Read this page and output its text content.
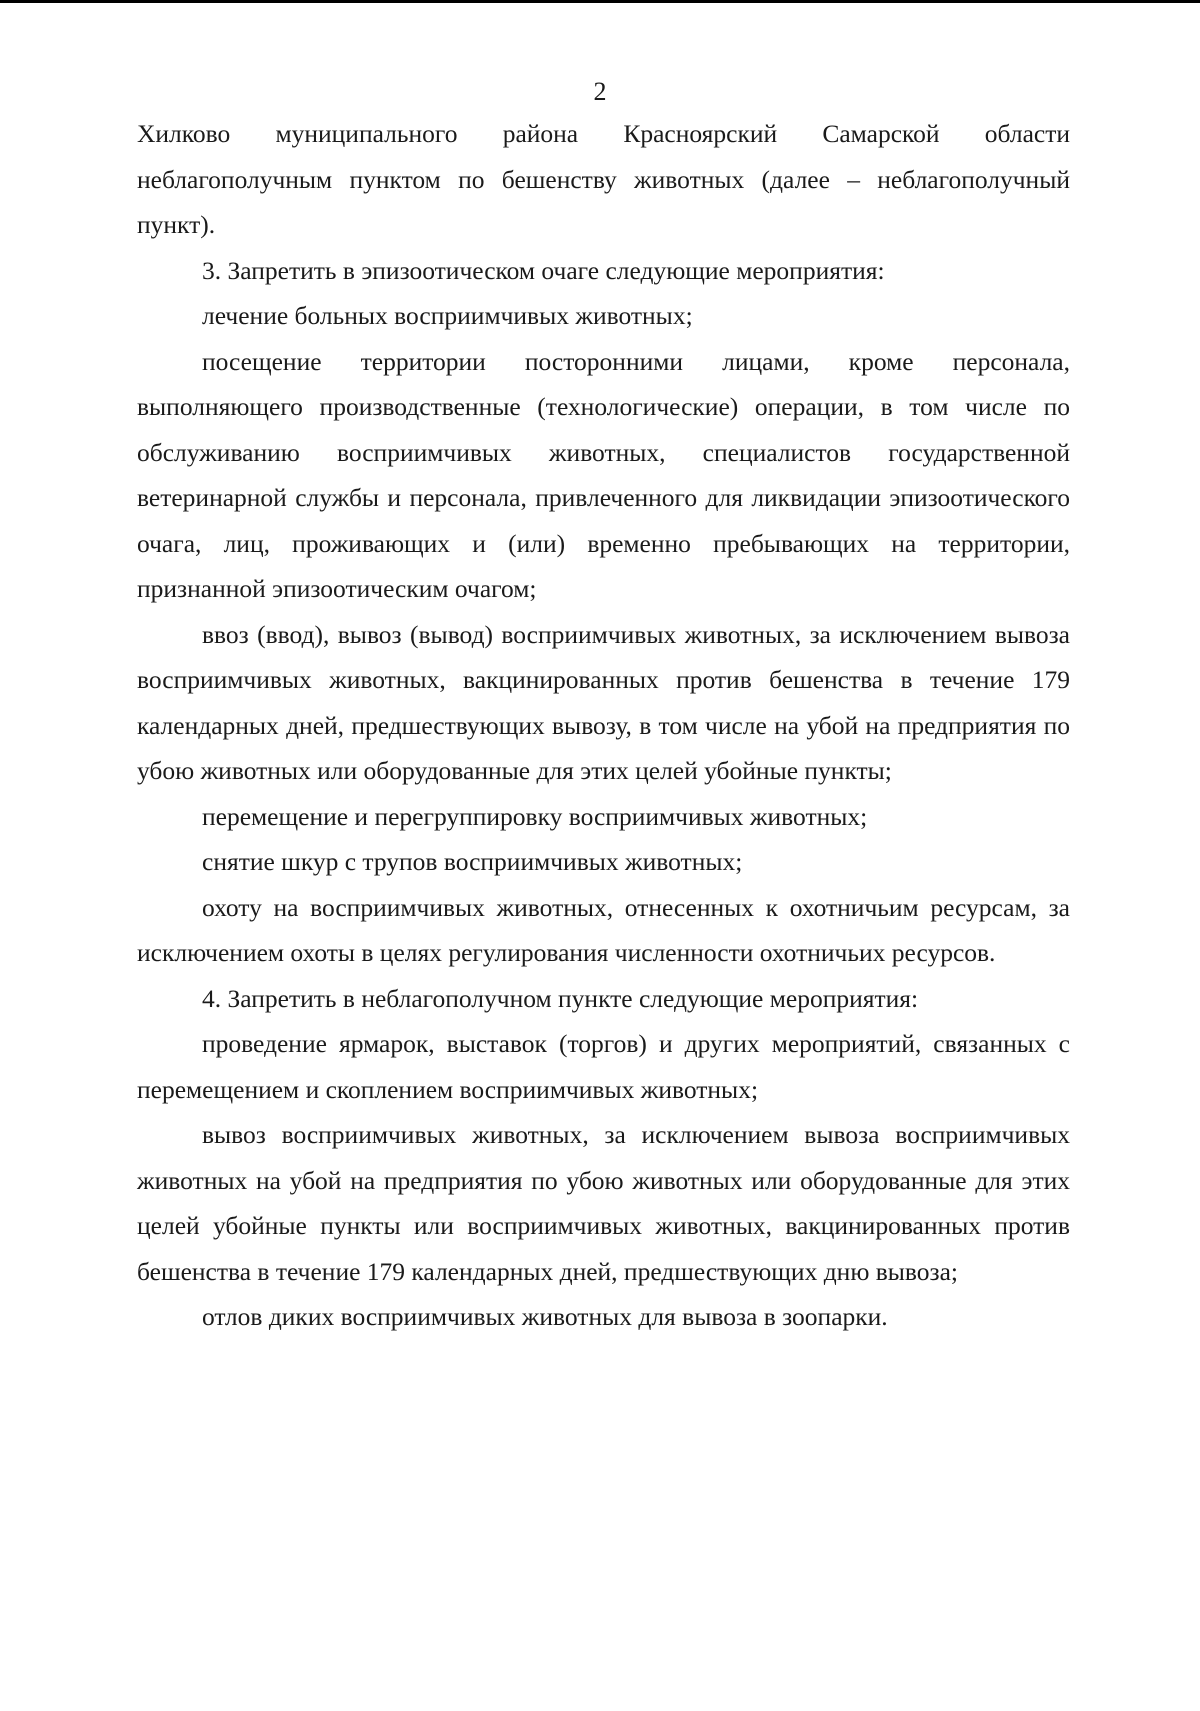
2

Хилково муниципального района Красноярский Самарской области неблагополучным пунктом по бешенству животных (далее – неблагополучный пункт).

3. Запретить в эпизоотическом очаге следующие мероприятия:

лечение больных восприимчивых животных;

посещение территории посторонними лицами, кроме персонала, выполняющего производственные (технологические) операции, в том числе по обслуживанию восприимчивых животных, специалистов государственной ветеринарной службы и персонала, привлеченного для ликвидации эпизоотического очага, лиц, проживающих и (или) временно пребывающих на территории, признанной эпизоотическим очагом;

ввоз (ввод), вывоз (вывод) восприимчивых животных, за исключением вывоза восприимчивых животных, вакцинированных против бешенства в течение 179 календарных дней, предшествующих вывозу, в том числе на убой на предприятия по убою животных или оборудованные для этих целей убойные пункты;

перемещение и перегруппировку восприимчивых животных;

снятие шкур с трупов восприимчивых животных;

охоту на восприимчивых животных, отнесенных к охотничьим ресурсам, за исключением охоты в целях регулирования численности охотничьих ресурсов.

4. Запретить в неблагополучном пункте следующие мероприятия:

проведение ярмарок, выставок (торгов) и других мероприятий, связанных с перемещением и скоплением восприимчивых животных;

вывоз восприимчивых животных, за исключением вывоза восприимчивых животных на убой на предприятия по убою животных или оборудованные для этих целей убойные пункты или восприимчивых животных, вакцинированных против бешенства в течение 179 календарных дней, предшествующих дню вывоза;

отлов диких восприимчивых животных для вывоза в зоопарки.
